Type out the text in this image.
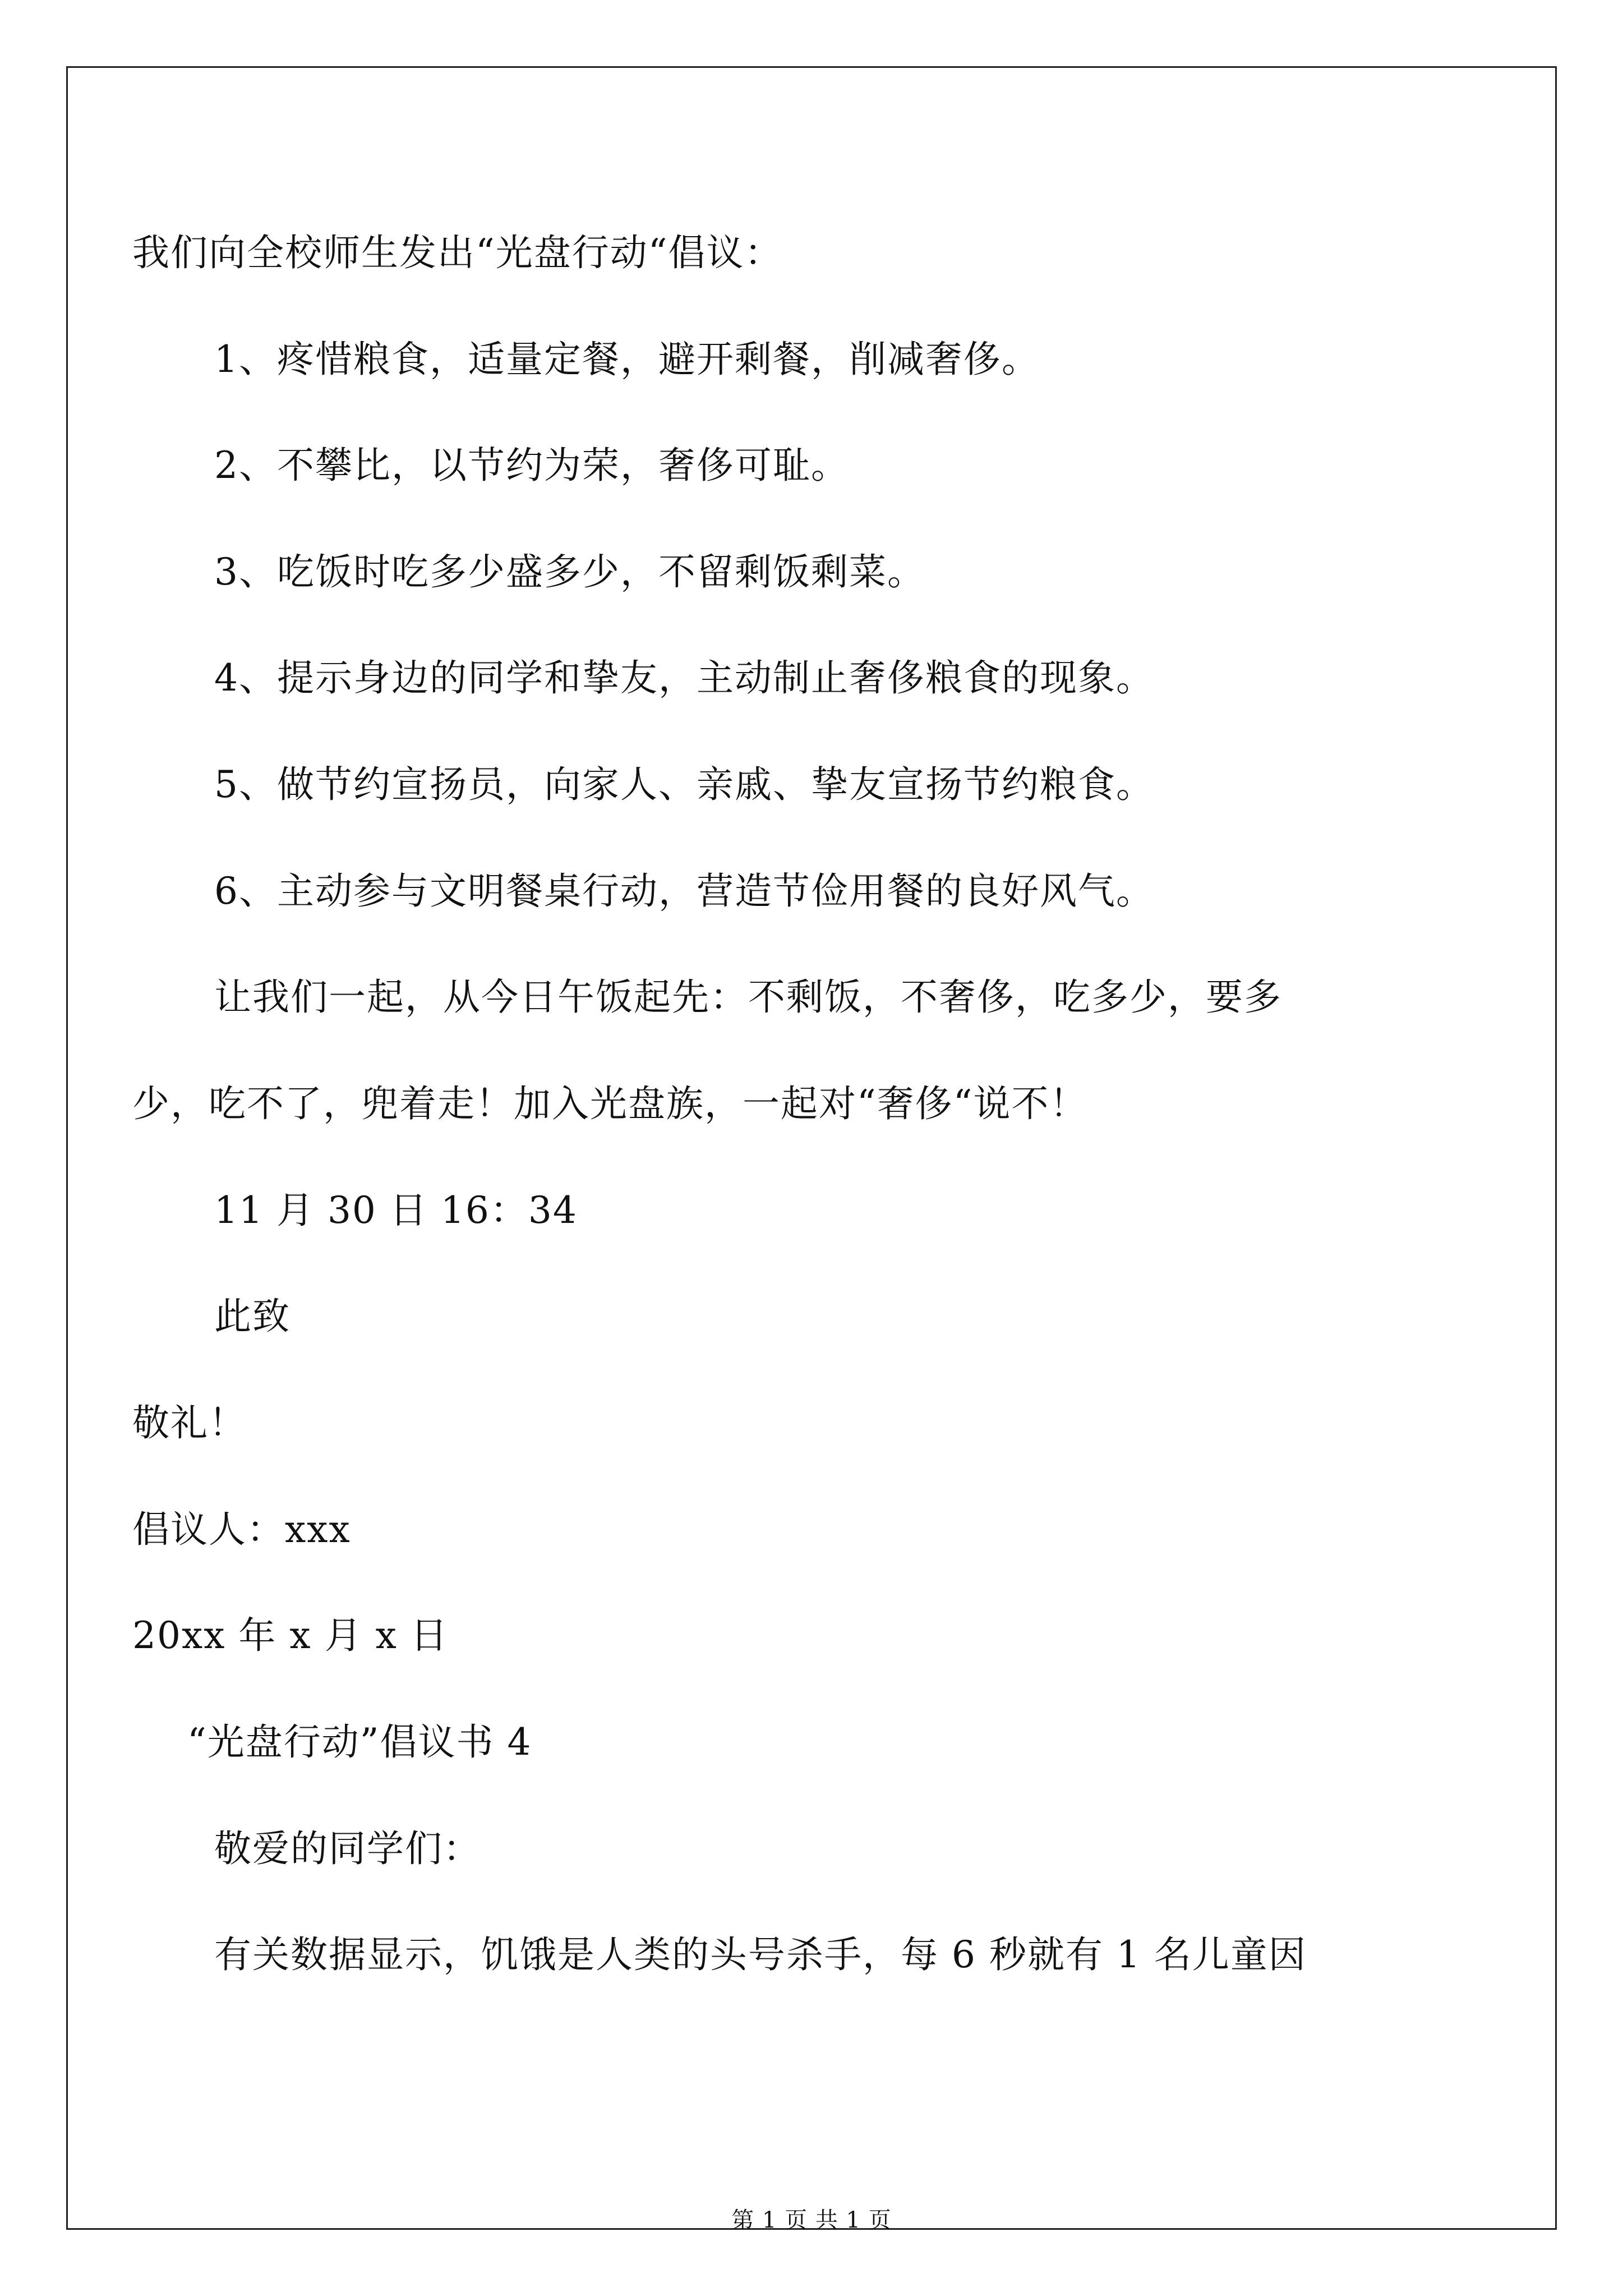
我们向全校师生发出“光盘行动“倡议：
1、疼惜粮食，适量定餐，避开剩餐，削减奢侈。
2、不攀比，以节约为荣，奢侈可耻。
3、吃饭时吃多少盛多少，不留剩饭剩菜。
4、提示身边的同学和挚友，主动制止奢侈粮食的现象。
5、做节约宣扬员，向家人、亲戚、挚友宣扬节约粮食。
6、主动参与文明餐桌行动，营造节俭用餐的良好风气。
让我们一起，从今日午饭起先：不剩饭，不奢侈，吃多少，要多
少，吃不了，兜着走！加入光盘族，一起对“奢侈“说不！
11 月 30 日 16：34
此致
敬礼！
倡议人：xxx
20xx 年 x 月 x 日
“光盘行动”倡议书 4
敬爱的同学们：
有关数据显示，饥饿是人类的头号杀手，每 6 秒就有 1 名儿童因
第 1 页 共 1 页
